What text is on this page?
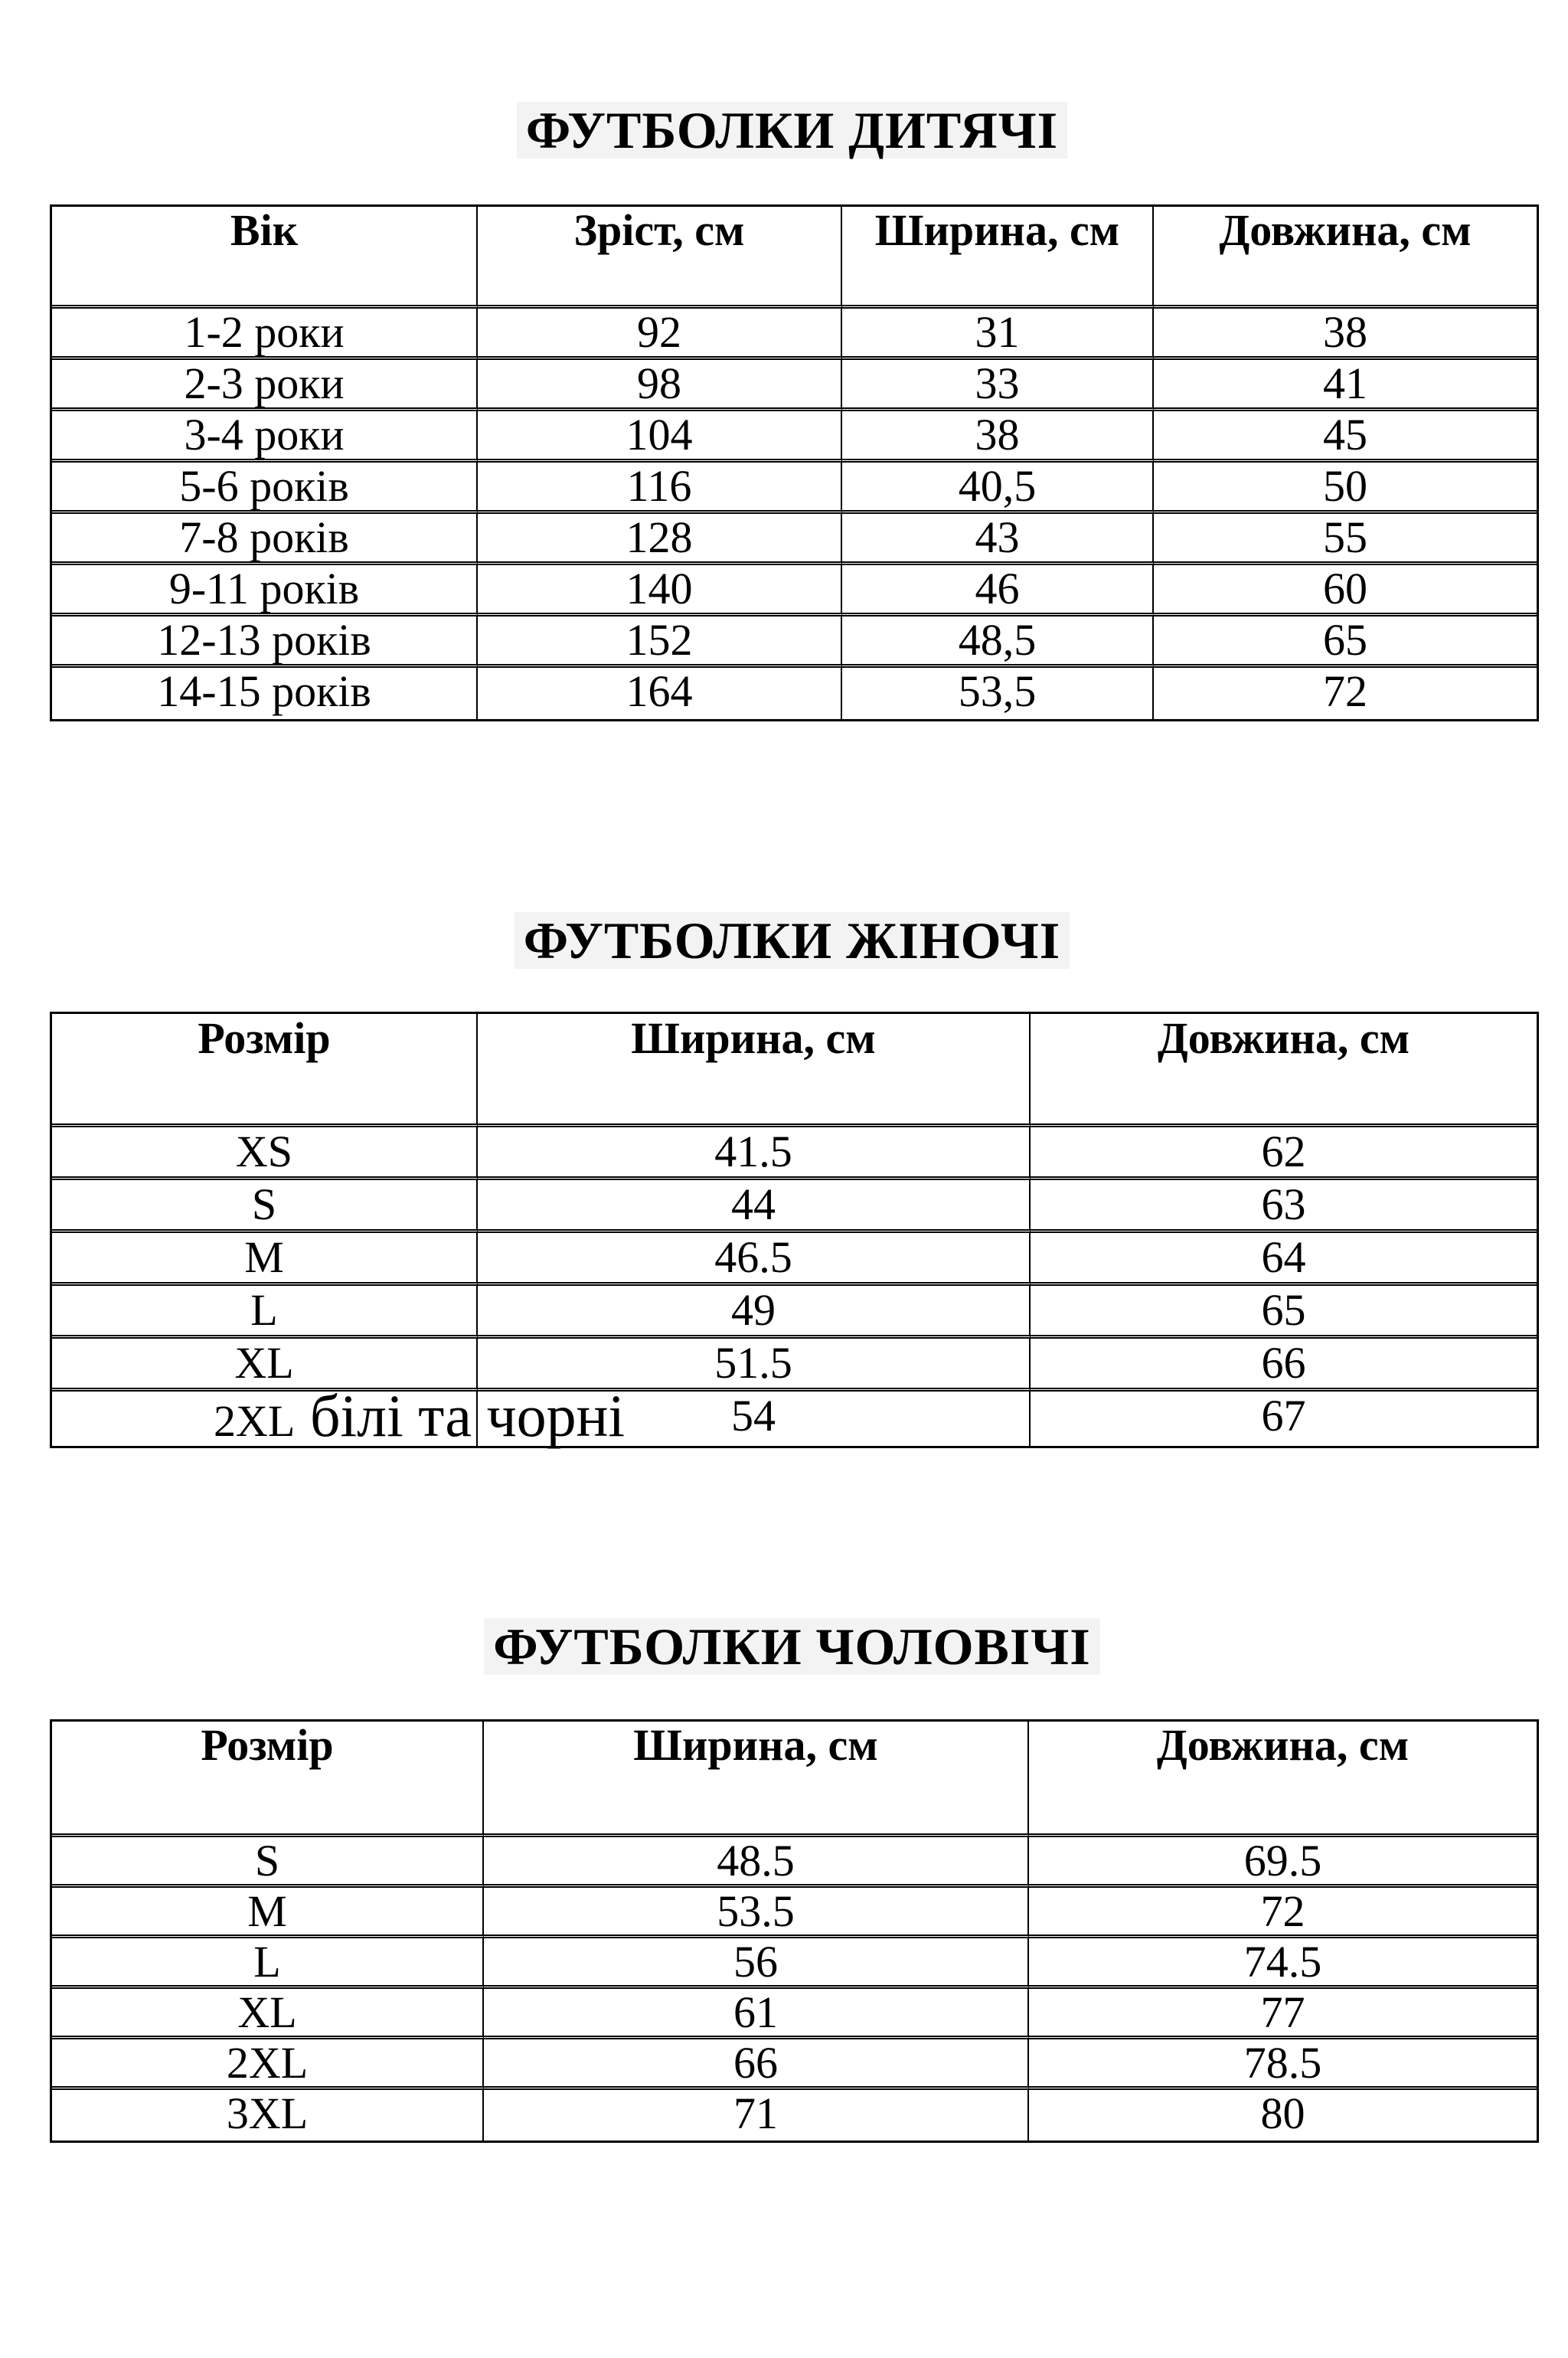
ФУТБОЛКИ ДИТЯЧІ
Вік	Зріст, см	Ширина, см	Довжина, см
1-2 роки	92	31	38
2-3 роки	98	33	41
3-4 роки	104	38	45
5-6 років	116	40,5	50
7-8 років	128	43	55
9-11 років	140	46	60
12-13 років	152	48,5	65
14-15 років	164	53,5	72
ФУТБОЛКИ ЖІНОЧІ
Розмір	Ширина, см	Довжина, см
XS	41.5	62
S	44	63
M	46.5	64
L	49	65
XL	51.5	66
2XL білі та чорні	54	67
ФУТБОЛКИ ЧОЛОВІЧІ
Розмір	Ширина, см	Довжина, см
S	48.5	69.5
M	53.5	72
L	56	74.5
XL	61	77
2XL	66	78.5
3XL	71	80
